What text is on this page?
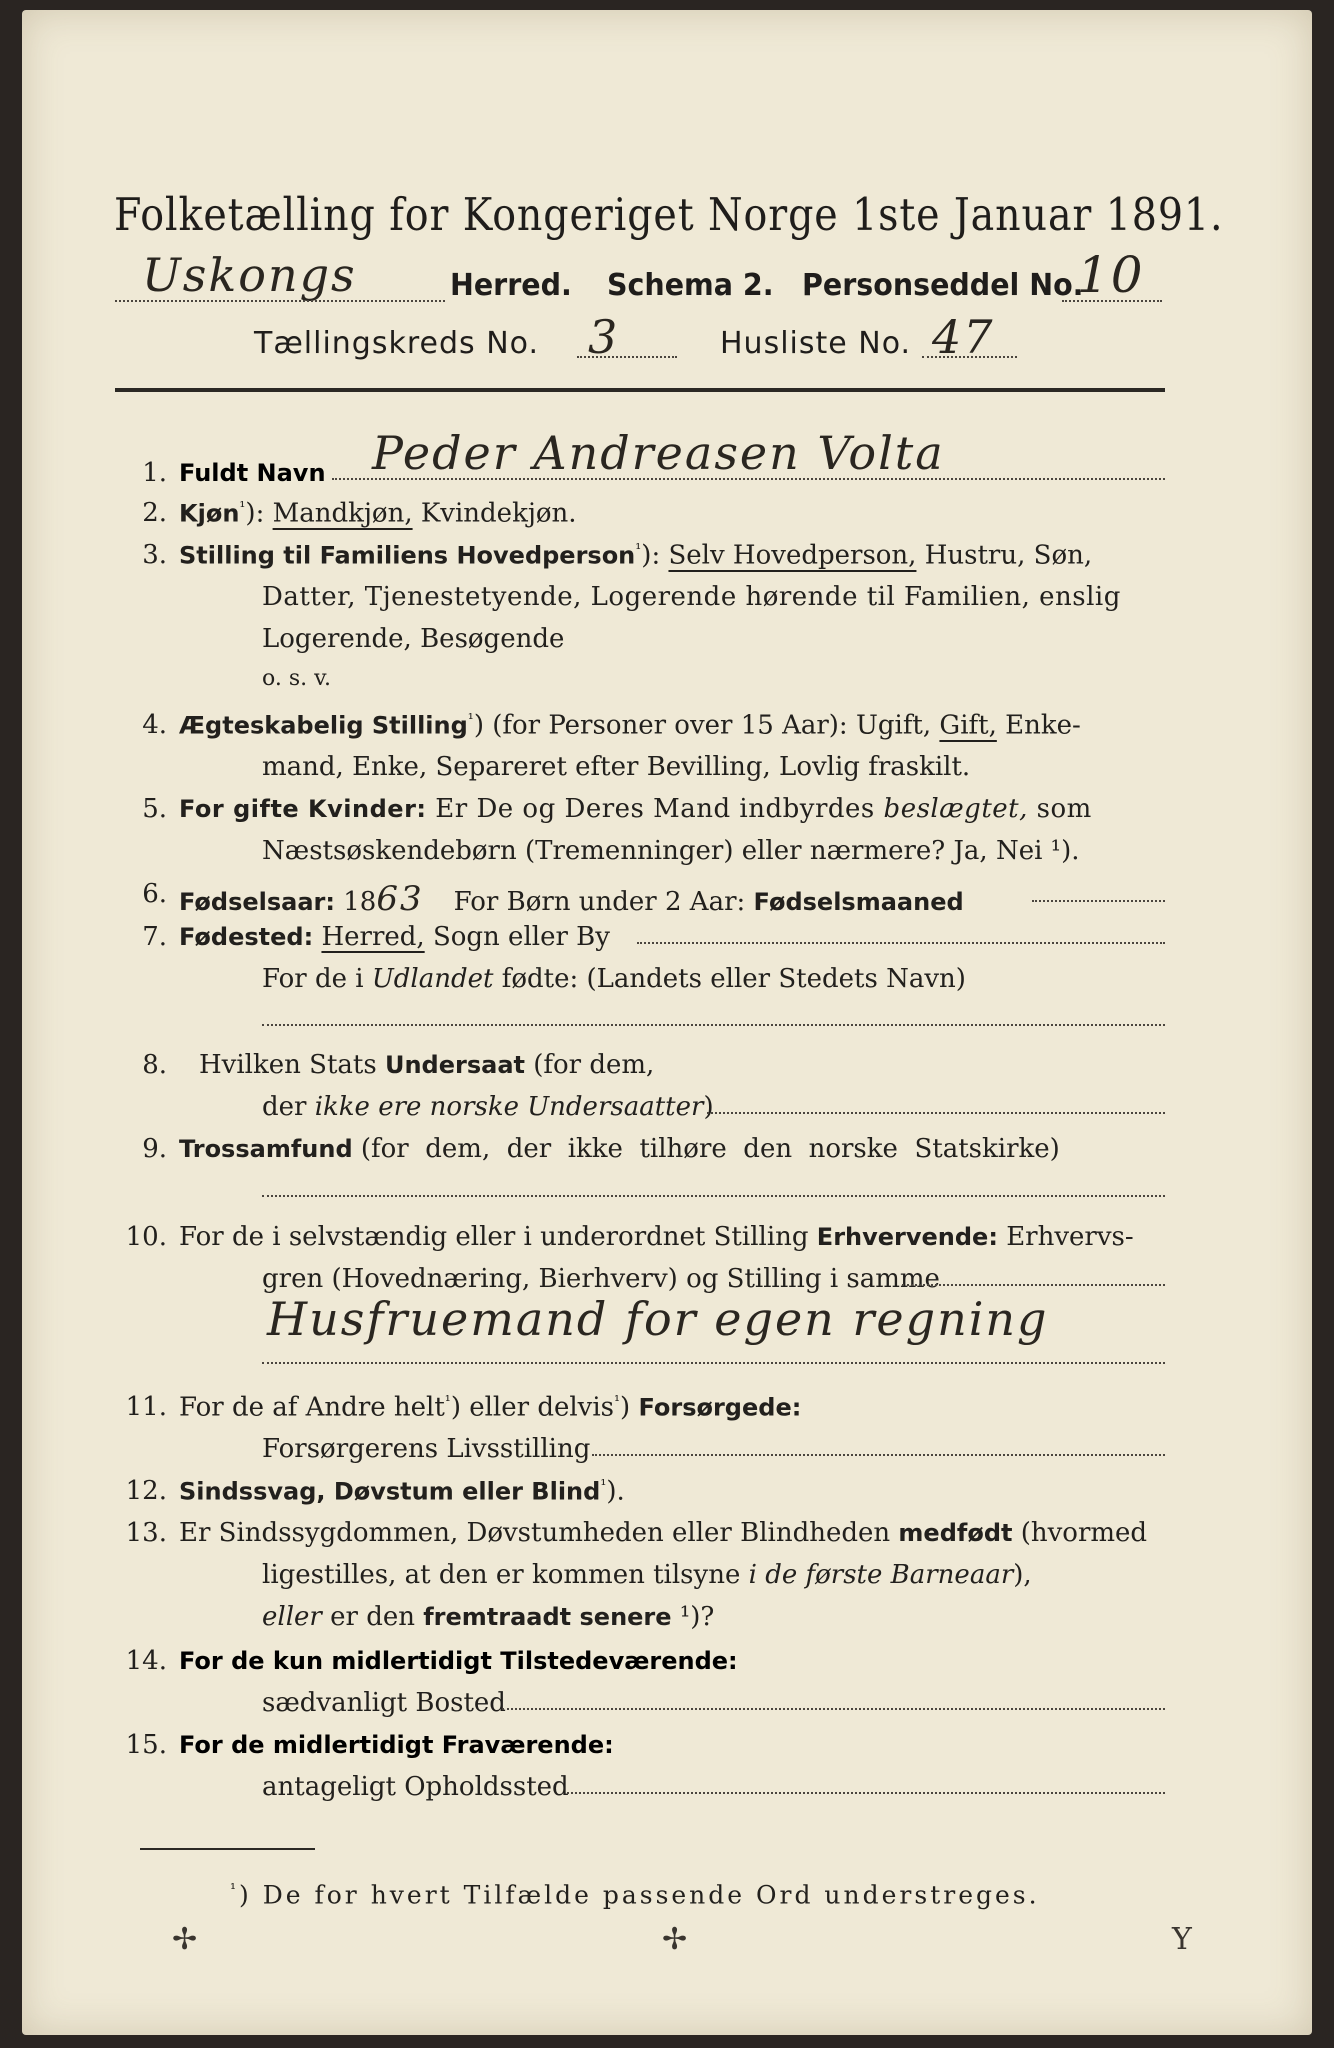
Folketælling for Kongeriget Norge 1ste Januar 1891.
Uskongs	Herred. Schema 2. Personseddel No.
10
Tællingskreds No. 3	Husliste No. 47
1. Fuldt Navn Peder Andreasen Volta
2. Kjøn$^{^1}$): Mandkjøn, Kvindekjøn.
3. Stilling til Familiens Hovedperson$^{^1}$): Selv Hovedperson, Hustru, Søn,
Datter, Tjenestetyende, Logerende hørende til Familien, enslig
Logerende, Besøgende
o. s. v.
4. Ægteskabelig Stilling$^{^1}$) (for Personer over 15 Aar): Ugift, Gift, Enke-
mand, Enke, Separeret efter Bevilling, Lovlig fraskilt.
5. For gifte Kvinder: Er De og Deres Mand indbyrdes beslægtet, som
Næstsøskendebørn (Tremenninger) eller nærmere? Ja, Nei ¹).
6. Fødselsaar: 1863 For Børn under 2 Aar: Fødselsmaaned
7. Fødested: Herred, Sogn eller By
For de i Udlandet fødte: (Landets eller Stedets Navn)
8. Hvilken Stats Undersaat (for dem,
der ikke ere norske Undersaatter)
9. Trossamfund (for  dem,  der  ikke  tilhøre  den  norske  Statskirke)
10. For de i selvstændig eller i underordnet Stilling Erhvervende: Erhvervs-
gren (Hovednæring, Bierhverv) og Stilling i samme
Husfruemand for egen regning
11. For de af Andre helt$^{^1}$) eller delvis$^{^1}$) Forsørgede:
Forsørgerens Livsstilling
12. Sindssvag, Døvstum eller Blind$^{^1}$).
13. Er Sindssygdommen, Døvstumheden eller Blindheden medfødt (hvormed
ligestilles, at den er kommen tilsyne i de første Barneaar),
eller er den fremtraadt senere ¹)?
14. For de kun midlertidigt Tilstedeværende:
sædvanligt Bosted
15. For de midlertidigt Fraværende:
antageligt Opholdssted
$^{^1}$) De for hvert Tilfælde passende Ord understreges.
✢	✢	Y
